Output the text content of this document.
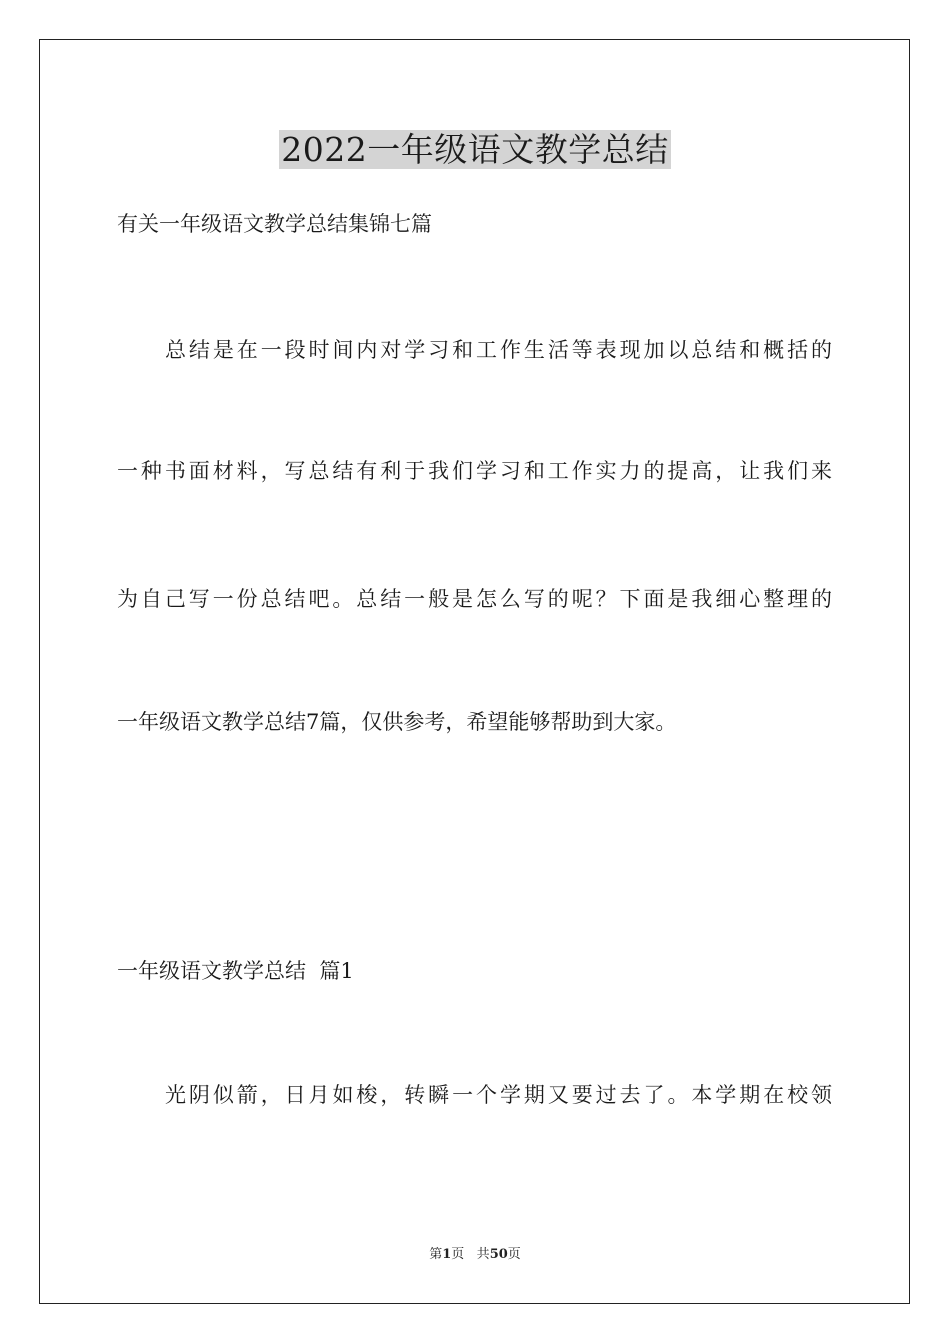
2022一年级语文教学总结
有关一年级语文教学总结集锦七篇
总结是在一段时间内对学习和工作生活等表现加以总结和概括的
一种书面材料，写总结有利于我们学习和工作实力的提高，让我们来
为自己写一份总结吧。总结一般是怎么写的呢？下面是我细心整理的
一年级语文教学总结7篇，仅供参考，希望能够帮助到大家。
一年级语文教学总结  篇1
光阴似箭，日月如梭，转瞬一个学期又要过去了。本学期在校领
第1页 共50页
